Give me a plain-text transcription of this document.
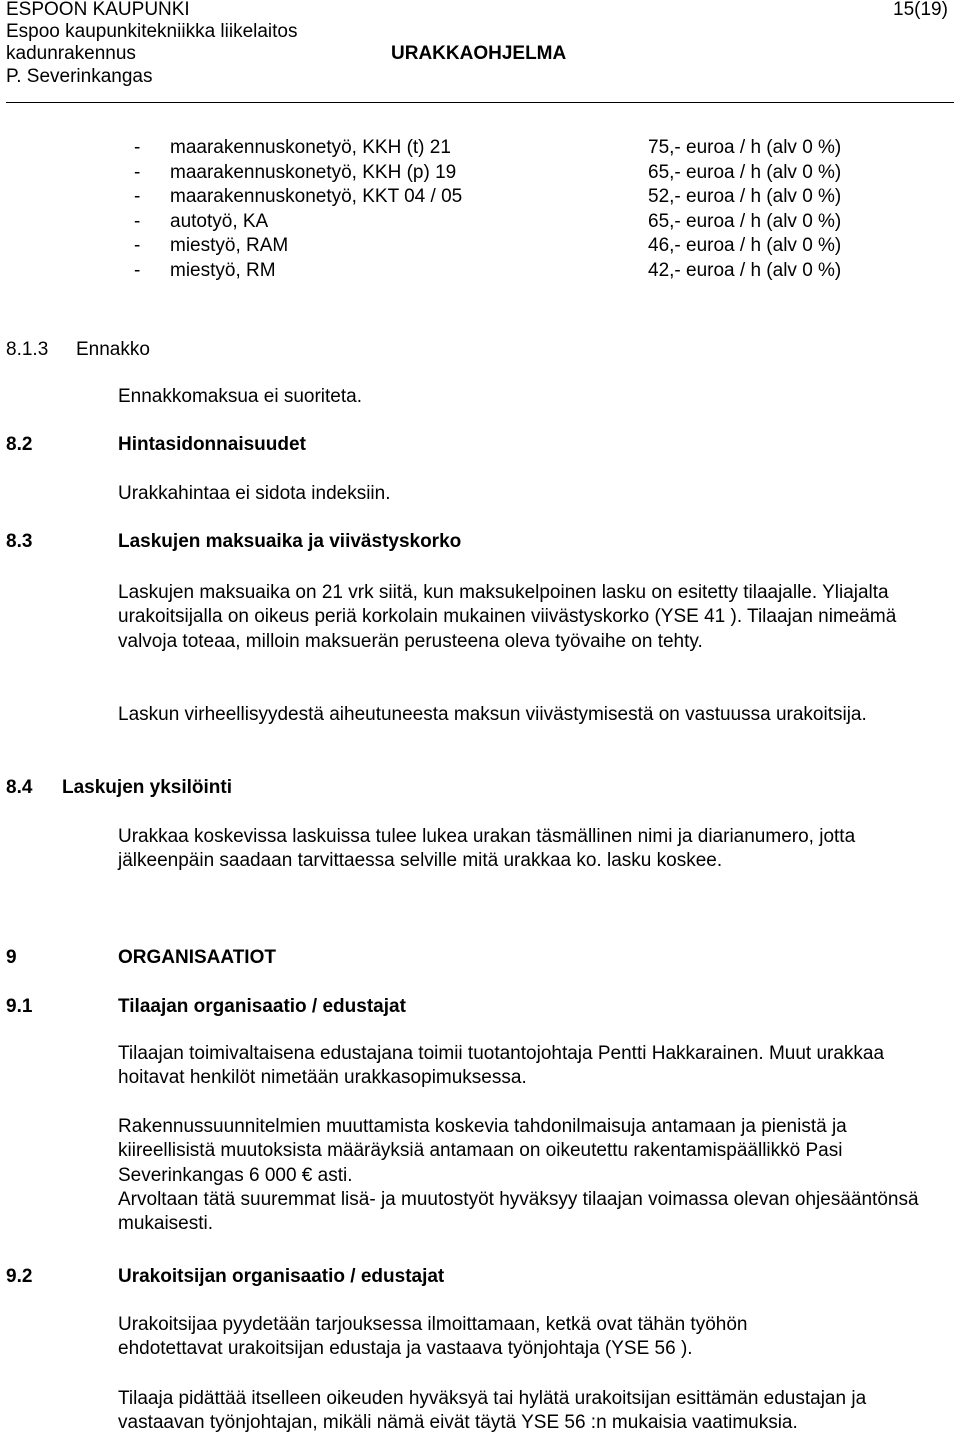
ESPOON KAUPUNKI	15(19)
Espoo kaupunkitekniikka liikelaitos
kadunrakennus	URAKKAOHJELMA
P. Severinkangas
- maarakennuskonetyö, KKH (t) 21	75,- euroa / h (alv 0 %)
- maarakennuskonetyö, KKH (p) 19	65,- euroa / h (alv 0 %)
- maarakennuskonetyö, KKT 04 / 05	52,- euroa / h (alv 0 %)
- autotyö, KA	65,- euroa / h (alv 0 %)
- miestyö, RAM	46,- euroa / h (alv 0 %)
- miestyö, RM	42,- euroa / h (alv 0 %)
8.1.3 Ennakko
Ennakkomaksua ei suoriteta.
8.2	Hintasidonnaisuudet
Urakkahintaa ei sidota indeksiin.
8.3	Laskujen maksuaika ja viivästyskorko

Laskujen maksuaika on 21 vrk siitä, kun maksukelpoinen lasku on esitetty tilaajalle. Yliajalta urakoitsijalla on oikeus periä korkolain mukainen viivästyskorko (YSE 41 ). Tilaajan nimeämä valvoja toteaa, milloin maksuerän perusteena oleva työvaihe on tehty.

Laskun virheellisyydestä aiheutuneesta maksun viivästymisestä on vastuussa urakoitsija.

8.4 Laskujen yksilöinti

Urakkaa koskevissa laskuissa tulee lukea urakan täsmällinen nimi ja diarianumero, jotta jälkeenpäin saadaan tarvittaessa selville mitä urakkaa ko. lasku koskee.

9	ORGANISAATIOT
9.1	Tilaajan organisaatio / edustajat

Tilaajan toimivaltaisena edustajana toimii tuotantojohtaja Pentti Hakkarainen. Muut urakkaa hoitavat henkilöt nimetään urakkasopimuksessa.

Rakennussuunnitelmien muuttamista koskevia tahdonilmaisuja antamaan ja pienistä ja kiireellisistä muutoksista määräyksiä antamaan on oikeutettu rakentamispäällikkö Pasi Severinkangas 6 000 € asti.

Arvoltaan tätä suuremmat lisä- ja muutostyöt hyväksyy tilaajan voimassa olevan ohjesääntönsä mukaisesti.

9.2	Urakoitsijan organisaatio / edustajat

Urakoitsijaa pyydetään tarjouksessa ilmoittamaan, ketkä ovat tähän työhön ehdotettavat urakoitsijan edustaja ja vastaava työnjohtaja (YSE 56 ).

Tilaaja pidättää itselleen oikeuden hyväksyä tai hylätä urakoitsijan esittämän edustajan ja vastaavan työnjohtajan, mikäli nämä eivät täytä YSE 56 :n mukaisia vaatimuksia.
